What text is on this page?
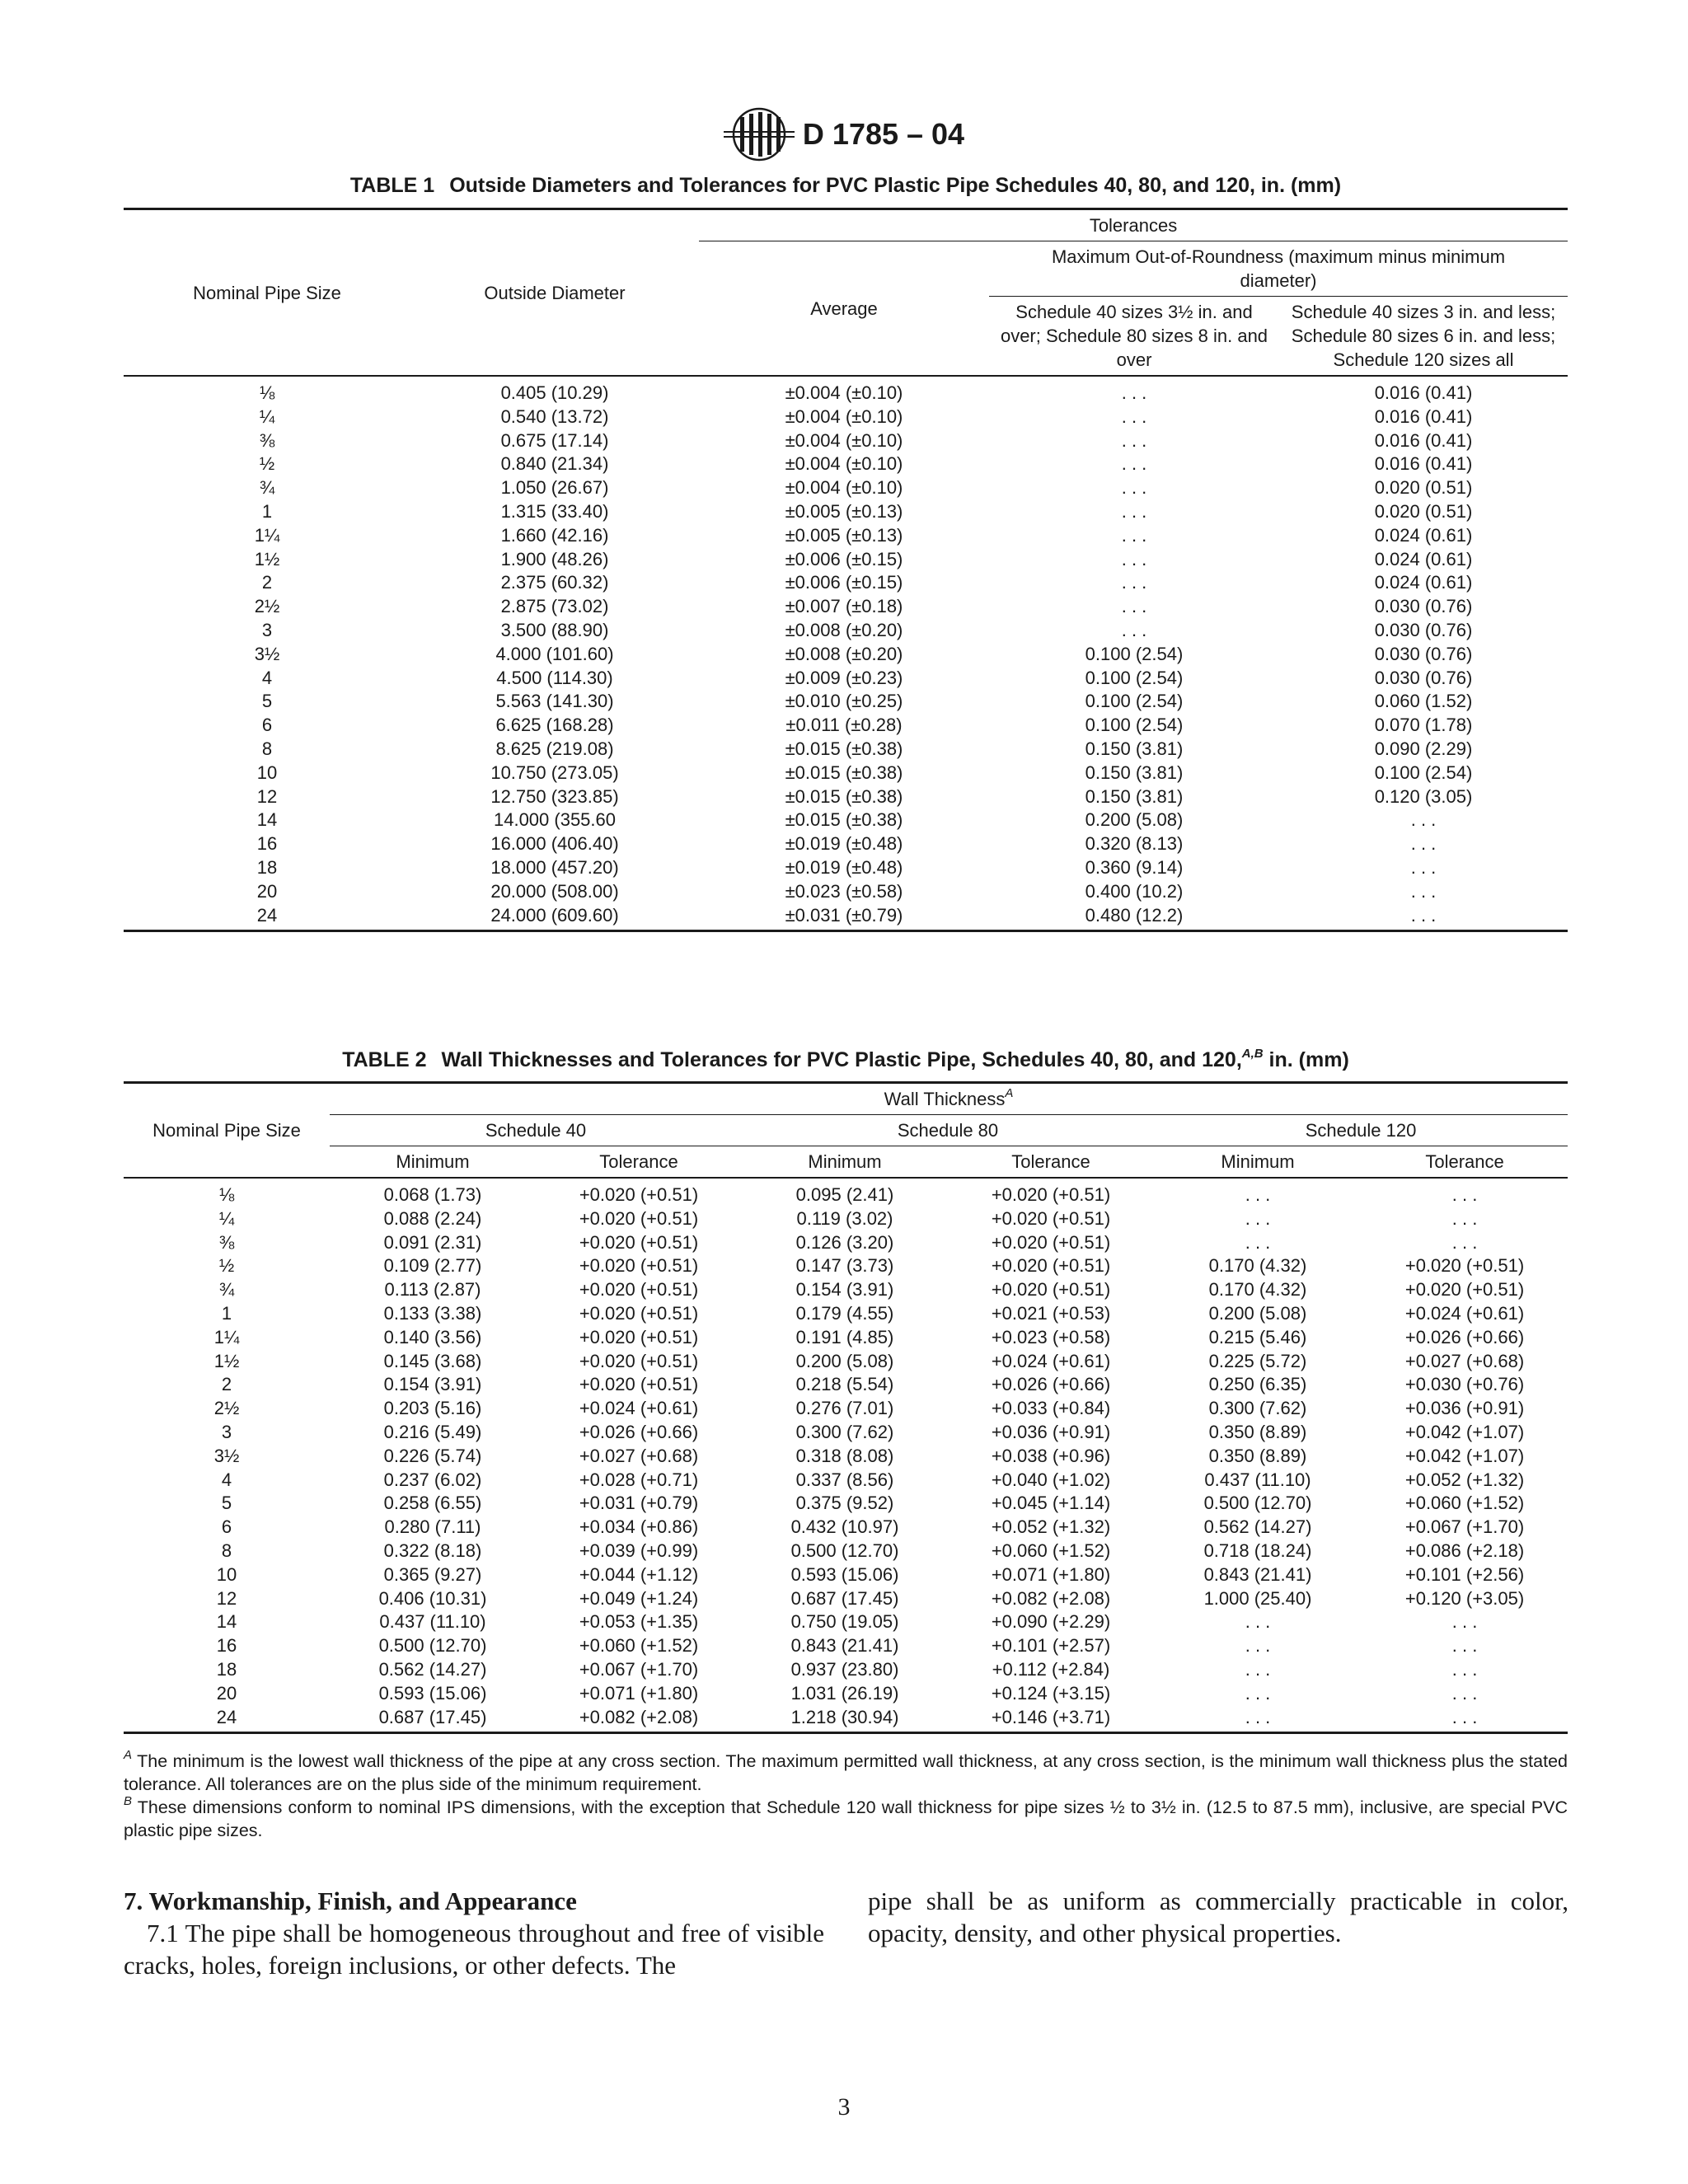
D 1785 – 04
TABLE 1 Outside Diameters and Tolerances for PVC Plastic Pipe Schedules 40, 80, and 120, in. (mm)
Nominal Pipe Size	Outside Diameter	Tolerances		
		Average	Maximum Out-of-Roundness (maximum minus minimum diameter)	
			Schedule 40 sizes 3½ in. and over; Schedule 80 sizes 8 in. and over	Schedule 40 sizes 3 in. and less;
Schedule 80 sizes 6 in. and less;
Schedule 120 sizes all
⅛	0.405 (10.29)	±0.004 (±0.10)	. . .	0.016 (0.41)
¼	0.540 (13.72)	±0.004 (±0.10)	. . .	0.016 (0.41)
⅜	0.675 (17.14)	±0.004 (±0.10)	. . .	0.016 (0.41)
½	0.840 (21.34)	±0.004 (±0.10)	. . .	0.016 (0.41)
¾	1.050 (26.67)	±0.004 (±0.10)	. . .	0.020 (0.51)
1	1.315 (33.40)	±0.005 (±0.13)	. . .	0.020 (0.51)
1¼	1.660 (42.16)	±0.005 (±0.13)	. . .	0.024 (0.61)
1½	1.900 (48.26)	±0.006 (±0.15)	. . .	0.024 (0.61)
2	2.375 (60.32)	±0.006 (±0.15)	. . .	0.024 (0.61)
2½	2.875 (73.02)	±0.007 (±0.18)	. . .	0.030 (0.76)
3	3.500 (88.90)	±0.008 (±0.20)	. . .	0.030 (0.76)
3½	4.000 (101.60)	±0.008 (±0.20)	0.100 (2.54)	0.030 (0.76)
4	4.500 (114.30)	±0.009 (±0.23)	0.100 (2.54)	0.030 (0.76)
5	5.563 (141.30)	±0.010 (±0.25)	0.100 (2.54)	0.060 (1.52)
6	6.625 (168.28)	±0.011 (±0.28)	0.100 (2.54)	0.070 (1.78)
8	8.625 (219.08)	±0.015 (±0.38)	0.150 (3.81)	0.090 (2.29)
10	10.750 (273.05)	±0.015 (±0.38)	0.150 (3.81)	0.100 (2.54)
12	12.750 (323.85)	±0.015 (±0.38)	0.150 (3.81)	0.120 (3.05)
14	14.000 (355.60	±0.015 (±0.38)	0.200 (5.08)	. . .
16	16.000 (406.40)	±0.019 (±0.48)	0.320 (8.13)	. . .
18	18.000 (457.20)	±0.019 (±0.48)	0.360 (9.14)	. . .
20	20.000 (508.00)	±0.023 (±0.58)	0.400 (10.2)	. . .
24	24.000 (609.60)	±0.031 (±0.79)	0.480 (12.2)	. . .
TABLE 2 Wall Thicknesses and Tolerances for PVC Plastic Pipe, Schedules 40, 80, and 120,$^{A,B}$ in. (mm)
Nominal Pipe Size	Wall Thickness$^A$
	Schedule 40		Schedule 80		Schedule 120	
	Minimum	Tolerance	Minimum	Tolerance	Minimum	Tolerance
⅛	0.068 (1.73)	+0.020 (+0.51)	0.095 (2.41)	+0.020 (+0.51)	. . .	. . .
¼	0.088 (2.24)	+0.020 (+0.51)	0.119 (3.02)	+0.020 (+0.51)	. . .	. . .
⅜	0.091 (2.31)	+0.020 (+0.51)	0.126 (3.20)	+0.020 (+0.51)	. . .	. . .
½	0.109 (2.77)	+0.020 (+0.51)	0.147 (3.73)	+0.020 (+0.51)	0.170 (4.32)	+0.020 (+0.51)
¾	0.113 (2.87)	+0.020 (+0.51)	0.154 (3.91)	+0.020 (+0.51)	0.170 (4.32)	+0.020 (+0.51)
1	0.133 (3.38)	+0.020 (+0.51)	0.179 (4.55)	+0.021 (+0.53)	0.200 (5.08)	+0.024 (+0.61)
1¼	0.140 (3.56)	+0.020 (+0.51)	0.191 (4.85)	+0.023 (+0.58)	0.215 (5.46)	+0.026 (+0.66)
1½	0.145 (3.68)	+0.020 (+0.51)	0.200 (5.08)	+0.024 (+0.61)	0.225 (5.72)	+0.027 (+0.68)
2	0.154 (3.91)	+0.020 (+0.51)	0.218 (5.54)	+0.026 (+0.66)	0.250 (6.35)	+0.030 (+0.76)
2½	0.203 (5.16)	+0.024 (+0.61)	0.276 (7.01)	+0.033 (+0.84)	0.300 (7.62)	+0.036 (+0.91)
3	0.216 (5.49)	+0.026 (+0.66)	0.300 (7.62)	+0.036 (+0.91)	0.350 (8.89)	+0.042 (+1.07)
3½	0.226 (5.74)	+0.027 (+0.68)	0.318 (8.08)	+0.038 (+0.96)	0.350 (8.89)	+0.042 (+1.07)
4	0.237 (6.02)	+0.028 (+0.71)	0.337 (8.56)	+0.040 (+1.02)	0.437 (11.10)	+0.052 (+1.32)
5	0.258 (6.55)	+0.031 (+0.79)	0.375 (9.52)	+0.045 (+1.14)	0.500 (12.70)	+0.060 (+1.52)
6	0.280 (7.11)	+0.034 (+0.86)	0.432 (10.97)	+0.052 (+1.32)	0.562 (14.27)	+0.067 (+1.70)
8	0.322 (8.18)	+0.039 (+0.99)	0.500 (12.70)	+0.060 (+1.52)	0.718 (18.24)	+0.086 (+2.18)
10	0.365 (9.27)	+0.044 (+1.12)	0.593 (15.06)	+0.071 (+1.80)	0.843 (21.41)	+0.101 (+2.56)
12	0.406 (10.31)	+0.049 (+1.24)	0.687 (17.45)	+0.082 (+2.08)	1.000 (25.40)	+0.120 (+3.05)
14	0.437 (11.10)	+0.053 (+1.35)	0.750 (19.05)	+0.090 (+2.29)	. . .	. . .
16	0.500 (12.70)	+0.060 (+1.52)	0.843 (21.41)	+0.101 (+2.57)	. . .	. . .
18	0.562 (14.27)	+0.067 (+1.70)	0.937 (23.80)	+0.112 (+2.84)	. . .	. . .
20	0.593 (15.06)	+0.071 (+1.80)	1.031 (26.19)	+0.124 (+3.15)	. . .	. . .
24	0.687 (17.45)	+0.082 (+2.08)	1.218 (30.94)	+0.146 (+3.71)	. . .	. . .

$^A$ The minimum is the lowest wall thickness of the pipe at any cross section. The maximum permitted wall thickness, at any cross section, is the minimum wall thickness plus the stated tolerance. All tolerances are on the plus side of the minimum requirement.

$^B$ These dimensions conform to nominal IPS dimensions, with the exception that Schedule 120 wall thickness for pipe sizes ½ to 3½ in. (12.5 to 87.5 mm), inclusive, are special PVC plastic pipe sizes.

7. Workmanship, Finish, and Appearance

7.1 The pipe shall be homogeneous throughout and free of visible cracks, holes, foreign inclusions, or other defects. The

pipe shall be as uniform as commercially practicable in color, opacity, density, and other physical properties.

3
